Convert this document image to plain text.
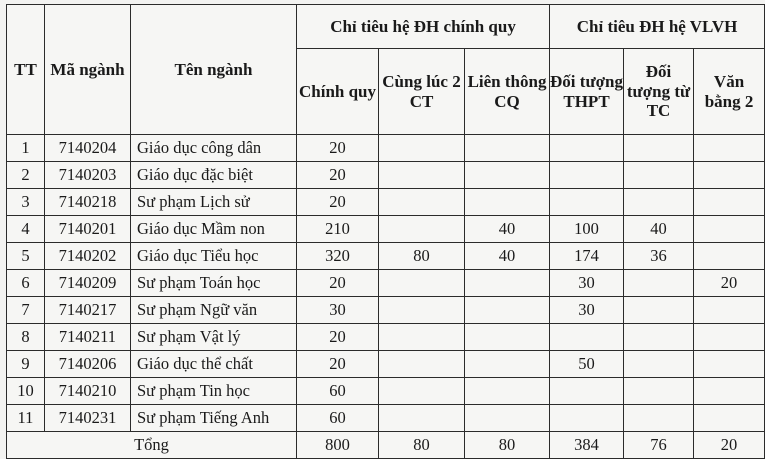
TT	Mã ngành	Tên ngành	Chỉ tiêu hệ ĐH chính quy			Chỉ tiêu ĐH hệ VLVH		
			Chính quy	Cùng lúc 2 CT	Liên thông CQ	Đối tượng THPT	Đối tượng từ TC	Văn bằng 2
1	7140204	Giáo dục công dân	20					
2	7140203	Giáo dục đặc biệt	20					
3	7140218	Sư phạm Lịch sử	20					
4	7140201	Giáo dục Mầm non	210		40	100	40	
5	7140202	Giáo dục Tiểu học	320	80	40	174	36	
6	7140209	Sư phạm Toán học	20			30		20
7	7140217	Sư phạm Ngữ văn	30			30		
8	7140211	Sư phạm Vật lý	20					
9	7140206	Giáo dục thể chất	20			50		
10	7140210	Sư phạm Tin học	60					
11	7140231	Sư phạm Tiếng Anh	60					
Tổng			800	80	80	384	76	20
